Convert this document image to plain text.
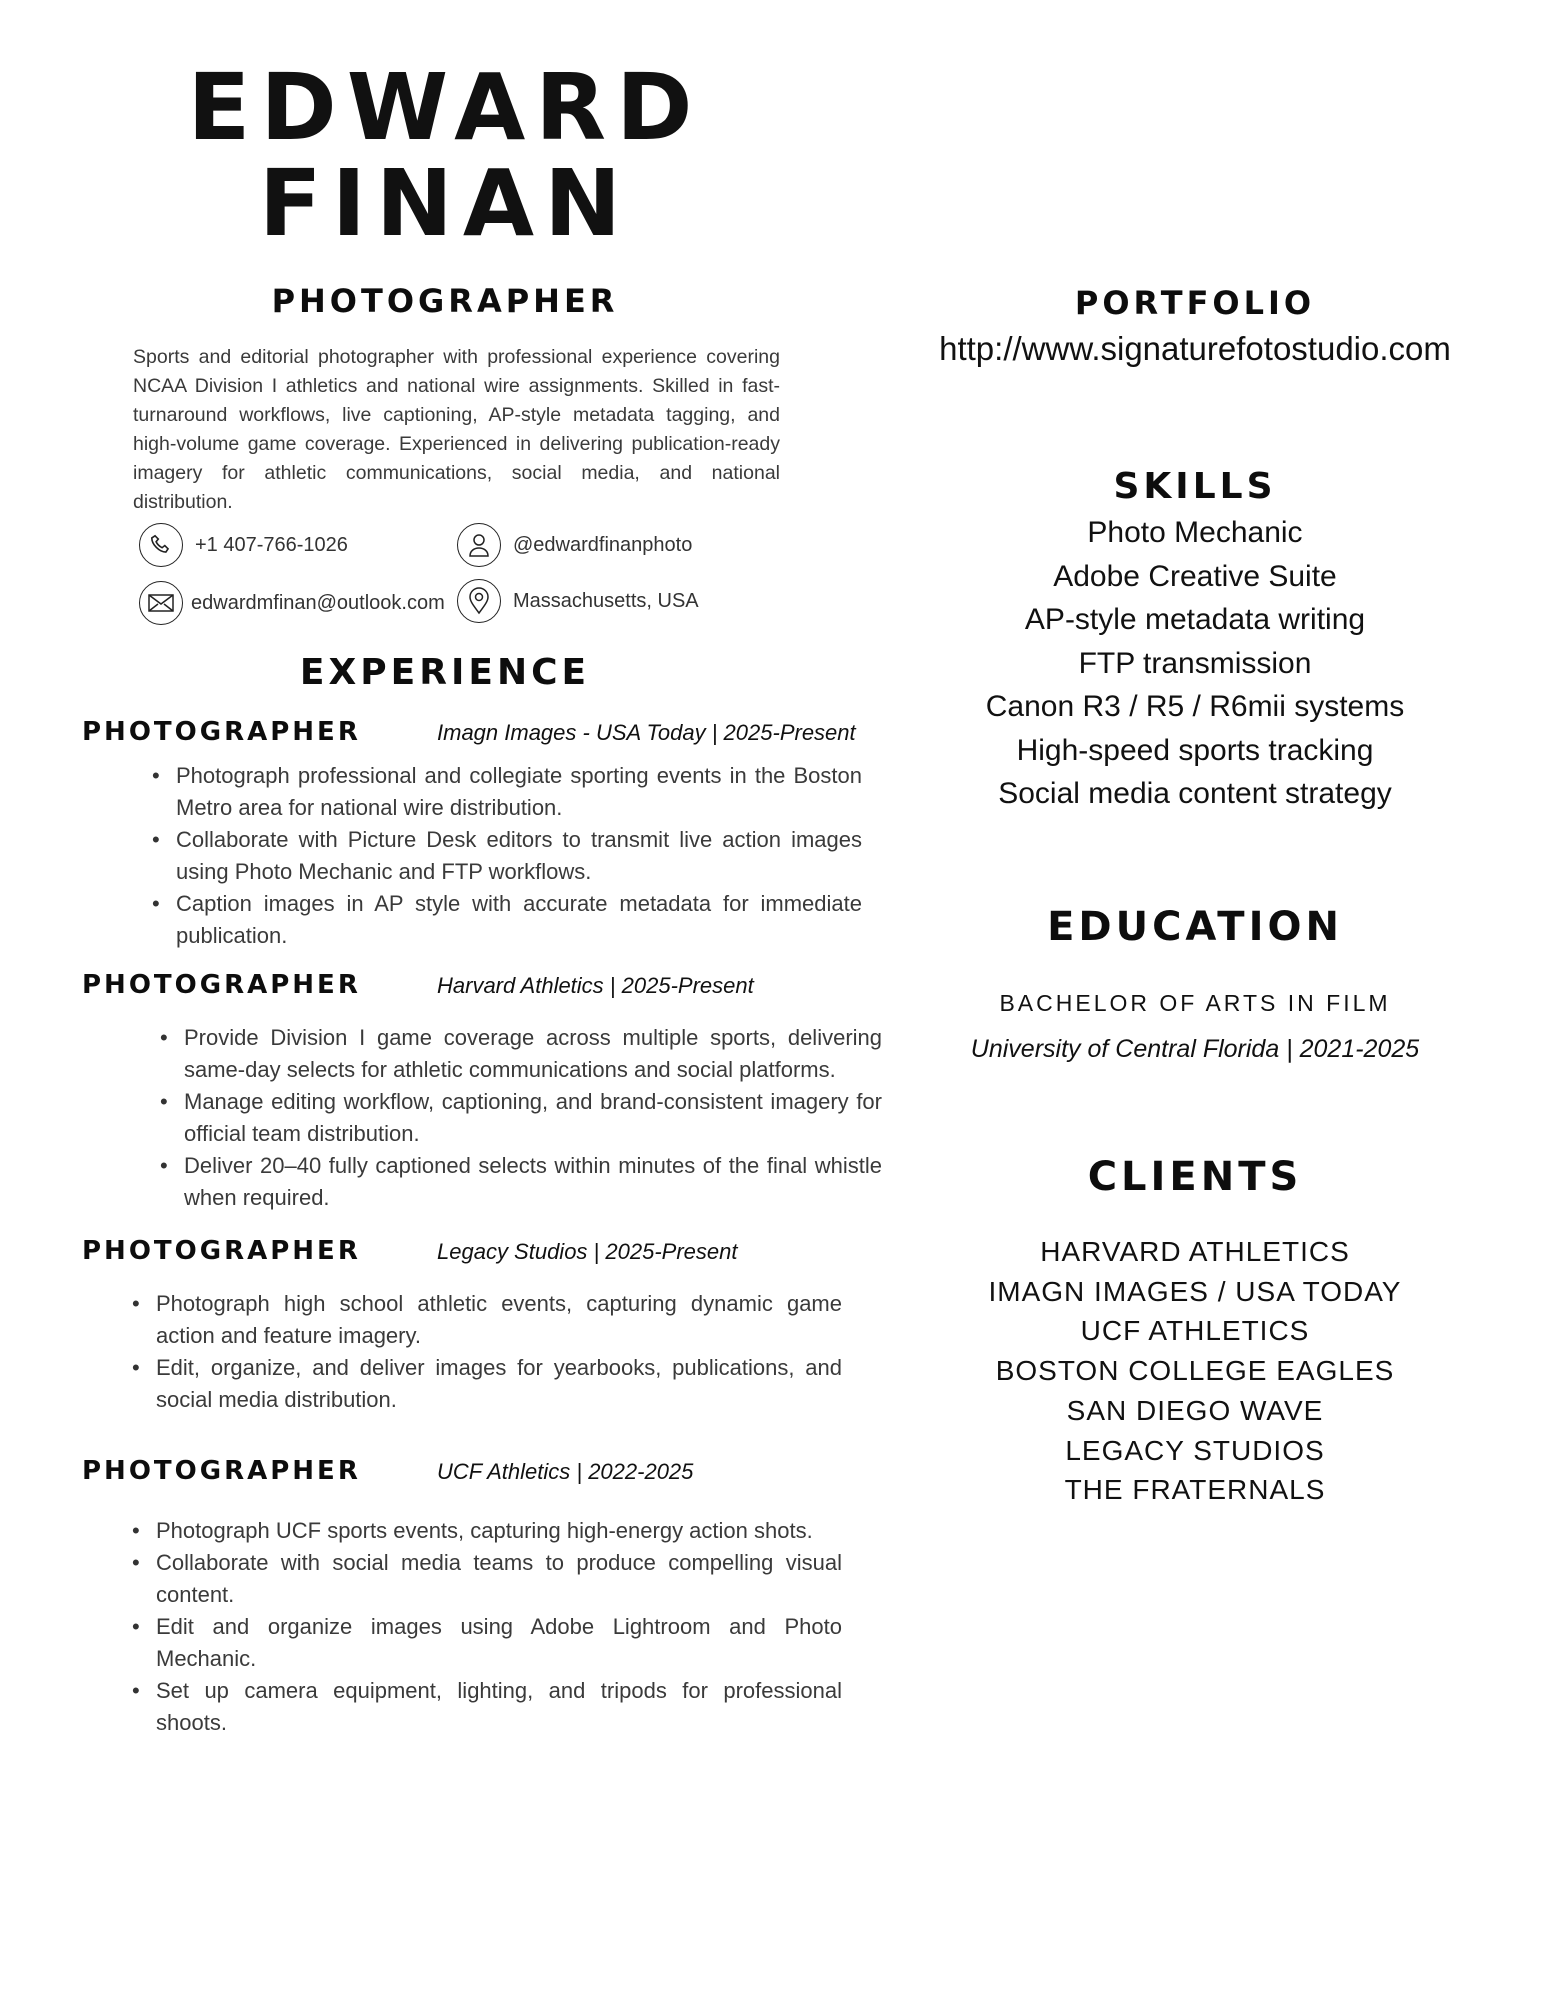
EDWARD
FINAN
PHOTOGRAPHER
Sports and editorial photographer with professional experience covering NCAA Division I athletics and national wire assignments. Skilled in fast-turnaround workflows, live captioning, AP-style metadata tagging, and high-volume game coverage. Experienced in delivering publication-ready imagery for athletic communications, social media, and national distribution.
+1 407-766-1026	@edwardfinanphoto
edwardmfinan@outlook.com	Massachusetts, USA
EXPERIENCE
PHOTOGRAPHER	Imagn Images - USA Today | 2025-Present
• Photograph professional and collegiate sporting events in the Boston Metro area for national wire distribution.
• Collaborate with Picture Desk editors to transmit live action images using Photo Mechanic and FTP workflows.
• Caption images in AP style with accurate metadata for immediate publication.
PHOTOGRAPHER	Harvard Athletics | 2025-Present
• Provide Division I game coverage across multiple sports, delivering same-day selects for athletic communications and social platforms.
• Manage editing workflow, captioning, and brand-consistent imagery for official team distribution.
• Deliver 20–40 fully captioned selects within minutes of the final whistle when required.
PHOTOGRAPHER	Legacy Studios | 2025-Present
• Photograph high school athletic events, capturing dynamic game action and feature imagery.
• Edit, organize, and deliver images for yearbooks, publications, and social media distribution.
PHOTOGRAPHER	UCF Athletics | 2022-2025
• Photograph UCF sports events, capturing high-energy action shots.
• Collaborate with social media teams to produce compelling visual content.
• Edit and organize images using Adobe Lightroom and Photo Mechanic.
• Set up camera equipment, lighting, and tripods for professional shoots.
PORTFOLIO
http://www.signaturefotostudio.com
SKILLS
Photo Mechanic
Adobe Creative Suite
AP-style metadata writing
FTP transmission
Canon R3 / R5 / R6mii systems
High-speed sports tracking
Social media content strategy
EDUCATION
BACHELOR OF ARTS IN FILM
University of Central Florida | 2021-2025
CLIENTS
HARVARD ATHLETICS
IMAGN IMAGES / USA TODAY
UCF ATHLETICS
BOSTON COLLEGE EAGLES
SAN DIEGO WAVE
LEGACY STUDIOS
THE FRATERNALS
